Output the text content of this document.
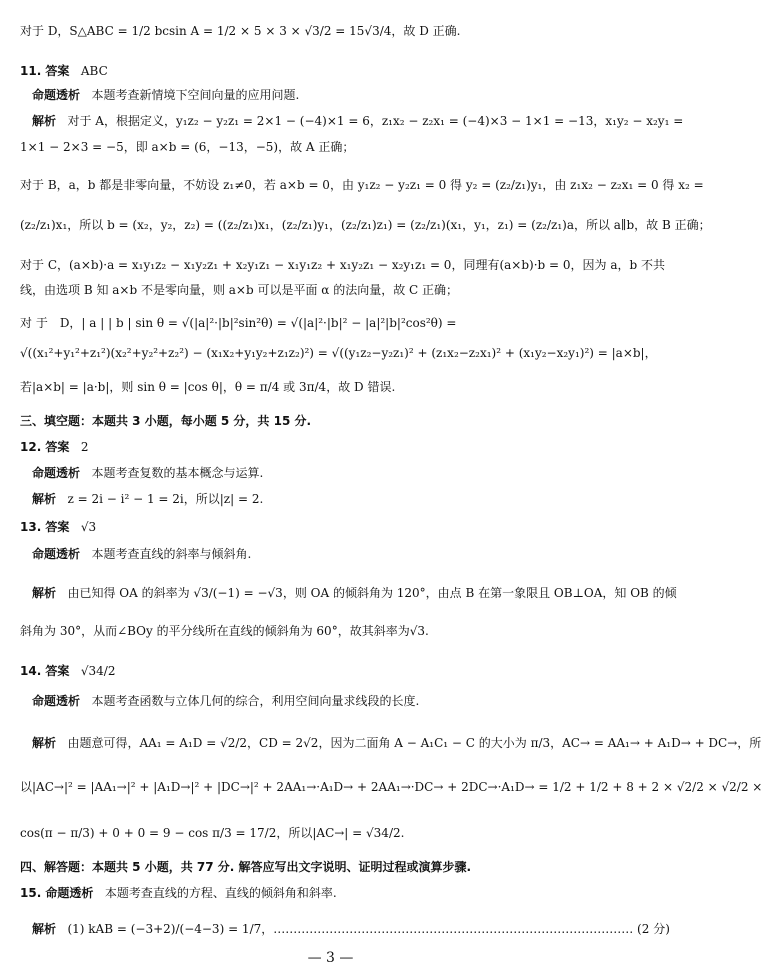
对于 D，S△ABC = 1/2 bcsin A = 1/2 × 5 × 3 × √3/2 = 15√3/4，故 D 正确.
11. 答案 ABC
命题透析 本题考查新情境下空间向量的应用问题.
解析 对于 A，根据定义，y₁z₂ − y₂z₁ = 2×1 − (−4)×1 = 6，z₁x₂ − z₂x₁ = (−4)×3 − 1×1 = −13，x₁y₂ − x₂y₁ =
1×1 − 2×3 = −5，即 a×b = (6，−13，−5)，故 A 正确；
对于 B，a，b 都是非零向量，不妨设 z₁≠0，若 a×b = 0，由 y₁z₂ − y₂z₁ = 0 得 y₂ = (z₂/z₁)y₁，由 z₁x₂ − z₂x₁ = 0 得 x₂ =
(z₂/z₁)x₁，所以 b = (x₂，y₂，z₂) = ((z₂/z₁)x₁，(z₂/z₁)y₁，(z₂/z₁)z₁) = (z₂/z₁)(x₁，y₁，z₁) = (z₂/z₁)a，所以 a∥b，故 B 正确；
对于 C，(a×b)·a = x₁y₁z₂ − x₁y₂z₁ + x₂y₁z₁ − x₁y₁z₂ + x₁y₂z₁ − x₂y₁z₁ = 0，同理有(a×b)·b = 0，因为 a，b 不共
线，由选项 B 知 a×b 不是零向量，则 a×b 可以是平面 α 的法向量，故 C 正确；
对 于　D，| a | | b | sin θ = √(|a|²·|b|²sin²θ) = √(|a|²·|b|² − |a|²|b|²cos²θ) =
√((x₁²+y₁²+z₁²)(x₂²+y₂²+z₂²) − (x₁x₂+y₁y₂+z₁z₂)²) = √((y₁z₂−y₂z₁)² + (z₁x₂−z₂x₁)² + (x₁y₂−x₂y₁)²) = |a×b|，
若|a×b| = |a·b|，则 sin θ = |cos θ|，θ = π/4 或 3π/4，故 D 错误.
三、填空题：本题共 3 小题，每小题 5 分，共 15 分.
12. 答案 2
命题透析 本题考查复数的基本概念与运算.
解析 z = 2i − i² − 1 = 2i，所以|z| = 2.
13. 答案 √3
命题透析 本题考查直线的斜率与倾斜角.
解析 由已知得 OA 的斜率为 √3/(−1) = −√3，则 OA 的倾斜角为 120°，由点 B 在第一象限且 OB⊥OA，知 OB 的倾
斜角为 30°，从而∠BOy 的平分线所在直线的倾斜角为 60°，故其斜率为√3.
14. 答案 √34/2
命题透析 本题考查函数与立体几何的综合，利用空间向量求线段的长度.
解析 由题意可得，AA₁ = A₁D = √2/2，CD = 2√2，因为二面角 A − A₁C₁ − C 的大小为 π/3，AC→ = AA₁→ + A₁D→ + DC→，所
以|AC→|² = |AA₁→|² + |A₁D→|² + |DC→|² + 2AA₁→·A₁D→ + 2AA₁→·DC→ + 2DC→·A₁D→ = 1/2 + 1/2 + 8 + 2 × √2/2 × √2/2 ×
cos(π − π/3) + 0 + 0 = 9 − cos π/3 = 17/2，所以|AC→| = √34/2.
四、解答题：本题共 5 小题，共 77 分. 解答应写出文字说明、证明过程或演算步骤.
15. 命题透析 本题考查直线的方程、直线的倾斜角和斜率.
解析 (1) kAB = (−3+2)/(−4−3) = 1/7，……………………………………………………………………………… (2 分)
— 3 —
